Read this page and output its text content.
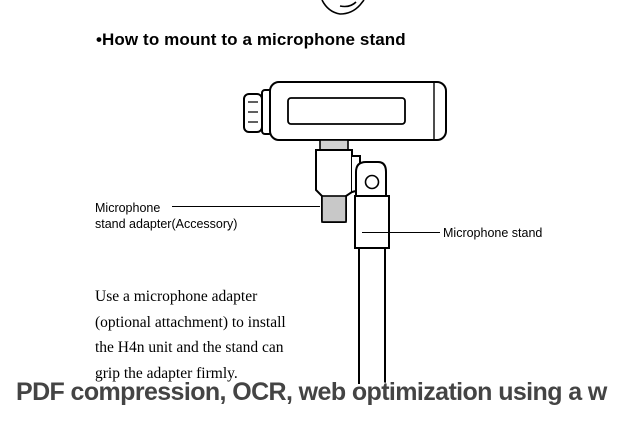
•How to mount to a microphone stand
Microphone
stand adapter(Accessory)
Microphone stand
Use a microphone adapter
(optional attachment) to install
the H4n unit and the stand can
grip the adapter firmly.
PDF compression, OCR, web optimization using a w
